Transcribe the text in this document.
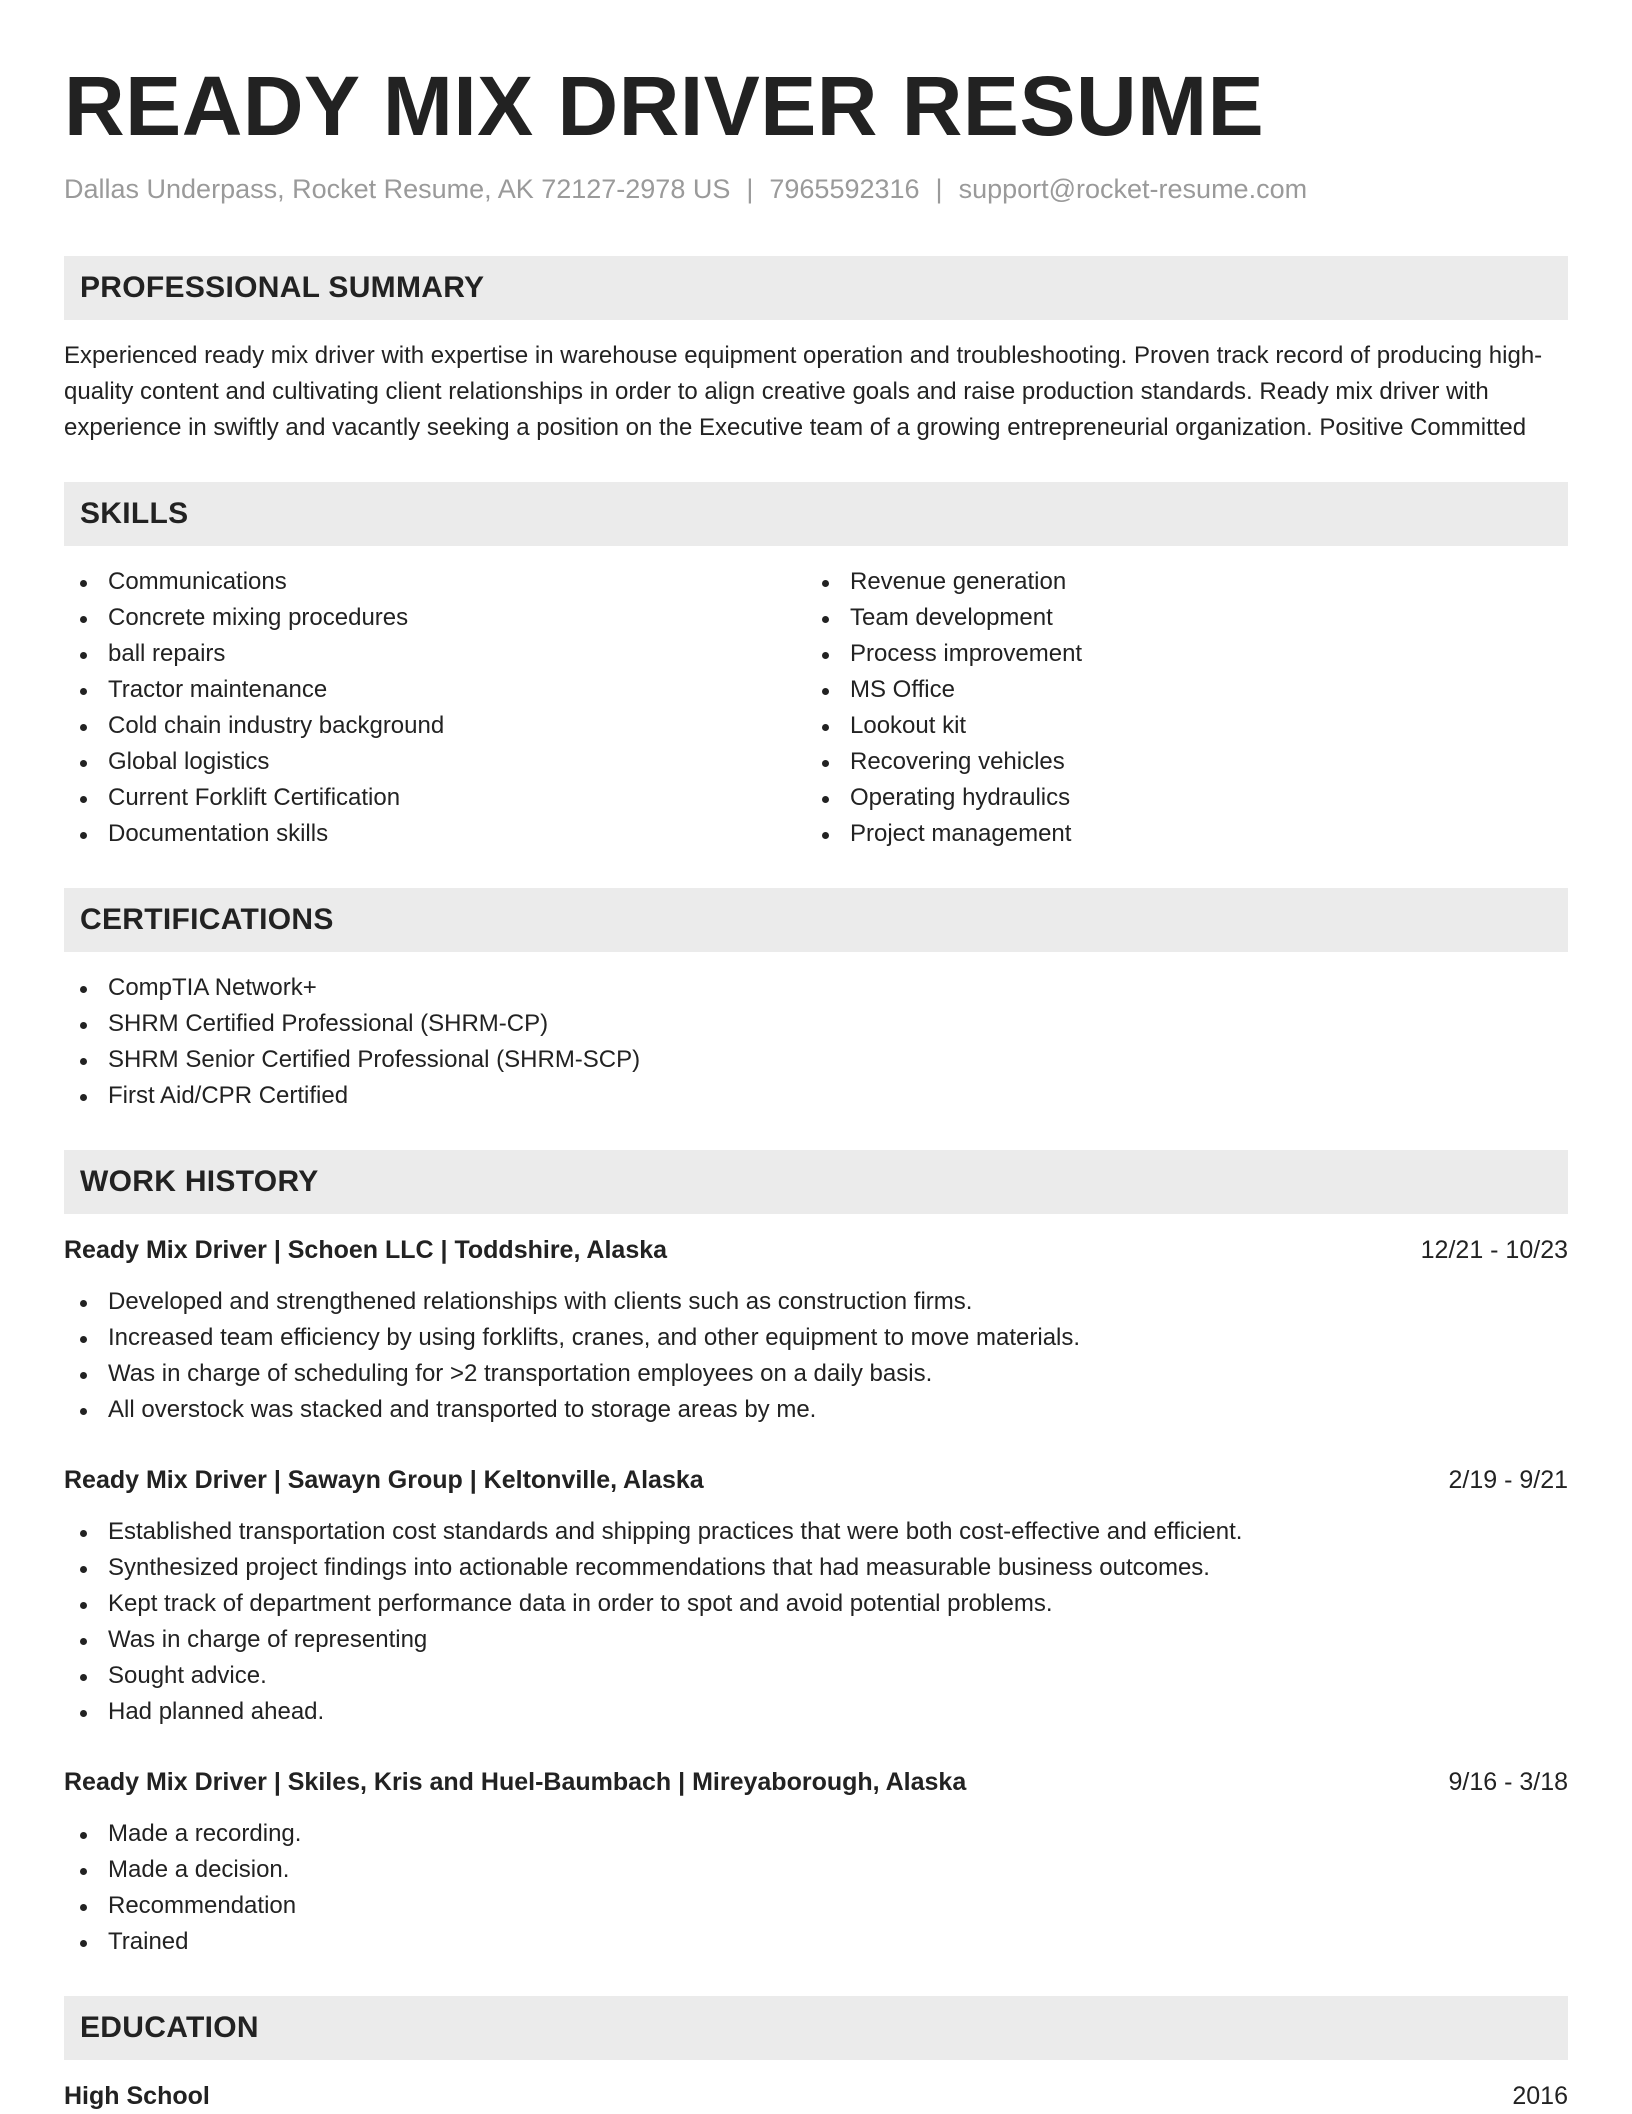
READY MIX DRIVER RESUME
Dallas Underpass, Rocket Resume, AK 72127-2978 US | 7965592316 | support@rocket-resume.com
PROFESSIONAL SUMMARY
Experienced ready mix driver with expertise in warehouse equipment operation and troubleshooting. Proven track record of producing high-quality content and cultivating client relationships in order to align creative goals and raise production standards. Ready mix driver with experience in swiftly and vacantly seeking a position on the Executive team of a growing entrepreneurial organization. Positive Committed
SKILLS
Communications
Concrete mixing procedures
ball repairs
Tractor maintenance
Cold chain industry background
Global logistics
Current Forklift Certification
Documentation skills
Revenue generation
Team development
Process improvement
MS Office
Lookout kit
Recovering vehicles
Operating hydraulics
Project management
CERTIFICATIONS
CompTIA Network+
SHRM Certified Professional (SHRM-CP)
SHRM Senior Certified Professional (SHRM-SCP)
First Aid/CPR Certified
WORK HISTORY
Ready Mix Driver | Schoen LLC | Toddshire, Alaska	12/21 - 10/23
Developed and strengthened relationships with clients such as construction firms.
Increased team efficiency by using forklifts, cranes, and other equipment to move materials.
Was in charge of scheduling for >2 transportation employees on a daily basis.
All overstock was stacked and transported to storage areas by me.
Ready Mix Driver | Sawayn Group | Keltonville, Alaska	2/19 - 9/21
Established transportation cost standards and shipping practices that were both cost-effective and efficient.
Synthesized project findings into actionable recommendations that had measurable business outcomes.
Kept track of department performance data in order to spot and avoid potential problems.
Was in charge of representing
Sought advice.
Had planned ahead.
Ready Mix Driver | Skiles, Kris and Huel-Baumbach | Mireyaborough, Alaska	9/16 - 3/18
Made a recording.
Made a decision.
Recommendation
Trained
EDUCATION
High School	2016
